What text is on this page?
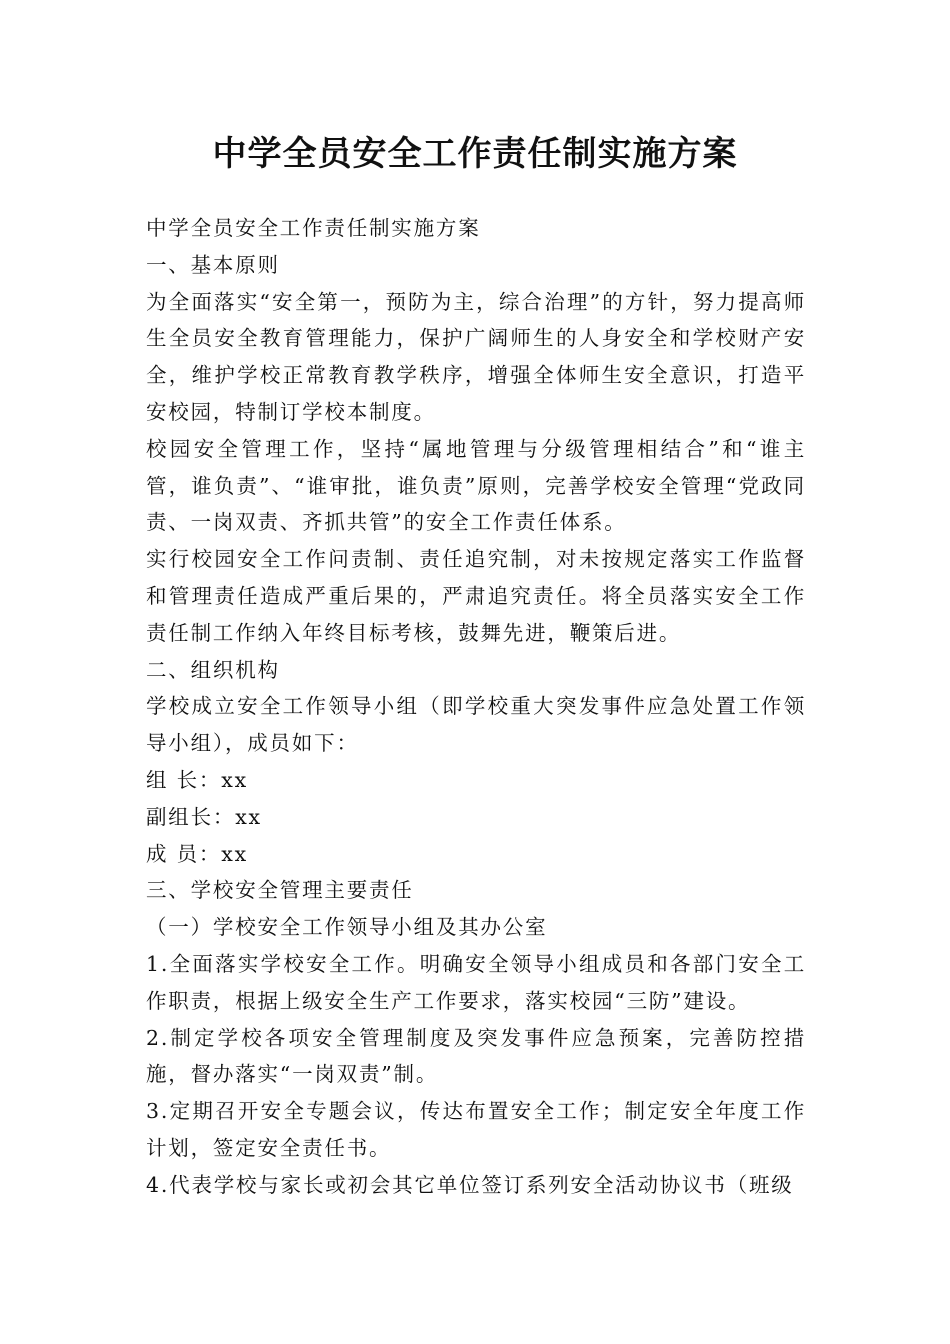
中学全员安全工作责任制实施方案

中学全员安全工作责任制实施方案

一、基本原则

为全面落实“安全第一，预防为主，综合治理”的方针，努力提高师生全员安全教育管理能力，保护广阔师生的人身安全和学校财产安全，维护学校正常教育教学秩序，增强全体师生安全意识，打造平安校园，特制订学校本制度。

校园安全管理工作，坚持“属地管理与分级管理相结合”和“谁主管，谁负责”、“谁审批，谁负责”原则，完善学校安全管理“党政同责、一岗双责、齐抓共管”的安全工作责任体系。

实行校园安全工作问责制、责任追究制，对未按规定落实工作监督和管理责任造成严重后果的，严肃追究责任。将全员落实安全工作责任制工作纳入年终目标考核，鼓舞先进，鞭策后进。

二、组织机构

学校成立安全工作领导小组（即学校重大突发事件应急处置工作领导小组），成员如下：

组 长：xx

副组长：xx

成 员：xx

三、学校安全管理主要责任

（一）学校安全工作领导小组及其办公室

1.全面落实学校安全工作。明确安全领导小组成员和各部门安全工作职责，根据上级安全生产工作要求，落实校园“三防”建设。

2.制定学校各项安全管理制度及突发事件应急预案，完善防控措施，督办落实“一岗双责”制。

3.定期召开安全专题会议，传达布置安全工作；制定安全年度工作计划，签定安全责任书。

4.代表学校与家长或初会其它单位签订系列安全活动协议书（班级
